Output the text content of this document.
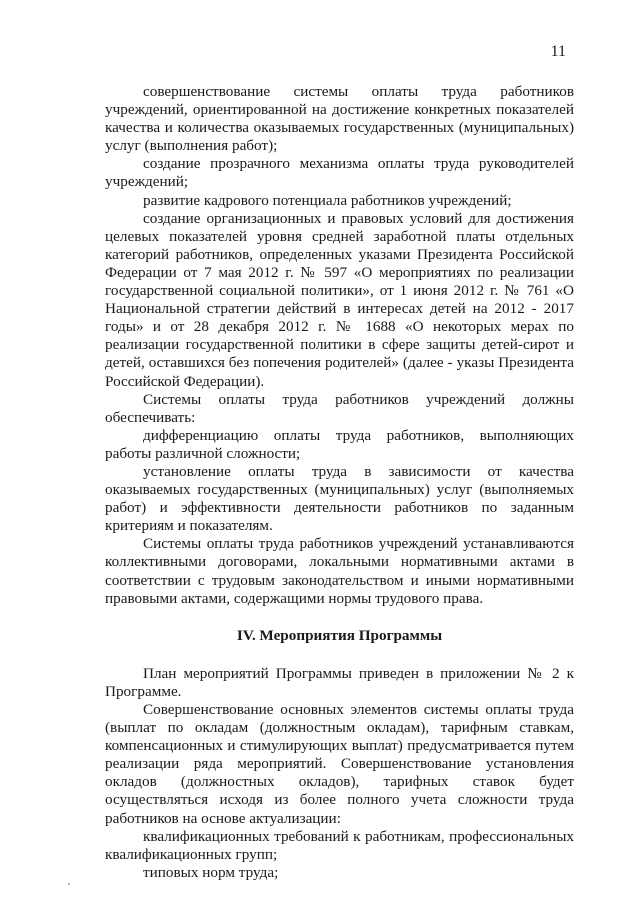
11

совершенствование системы оплаты труда работников учреждений, ориентированной на достижение конкретных показателей качества и количества оказываемых государственных (муниципальных) услуг (выполнения работ);

создание прозрачного механизма оплаты труда руководителей учреждений;

развитие кадрового потенциала работников учреждений;

создание организационных и правовых условий для достижения целевых показателей уровня средней заработной платы отдельных категорий работников, определенных указами Президента Российской Федерации от 7 мая 2012 г. № 597 «О мероприятиях по реализации государственной социальной политики», от 1 июня 2012 г. № 761 «О Национальной стратегии действий в интересах детей на 2012 - 2017 годы» и от 28 декабря 2012 г. № 1688 «О некоторых мерах по реализации государственной политики в сфере защиты детей-сирот и детей, оставшихся без попечения родителей» (далее - указы Президента Российской Федерации).

Системы оплаты труда работников учреждений должны обеспечивать:

дифференциацию оплаты труда работников, выполняющих работы различной сложности;

установление оплаты труда в зависимости от качества оказываемых государственных (муниципальных) услуг (выполняемых работ) и эффективности деятельности работников по заданным критериям и показателям.

Системы оплаты труда работников учреждений устанавливаются коллективными договорами, локальными нормативными актами в соответствии с трудовым законодательством и иными нормативными правовыми актами, содержащими нормы трудового права.

IV. Мероприятия Программы

План мероприятий Программы приведен в приложении № 2 к Программе.

Совершенствование основных элементов системы оплаты труда (выплат по окладам (должностным окладам), тарифным ставкам, компенсационных и стимулирующих выплат) предусматривается путем реализации ряда мероприятий. Совершенствование установления окладов (должностных окладов), тарифных ставок будет осуществляться исходя из более полного учета сложности труда работников на основе актуализации:

квалификационных требований к работникам, профессиональных квалификационных групп;

типовых норм труда;
